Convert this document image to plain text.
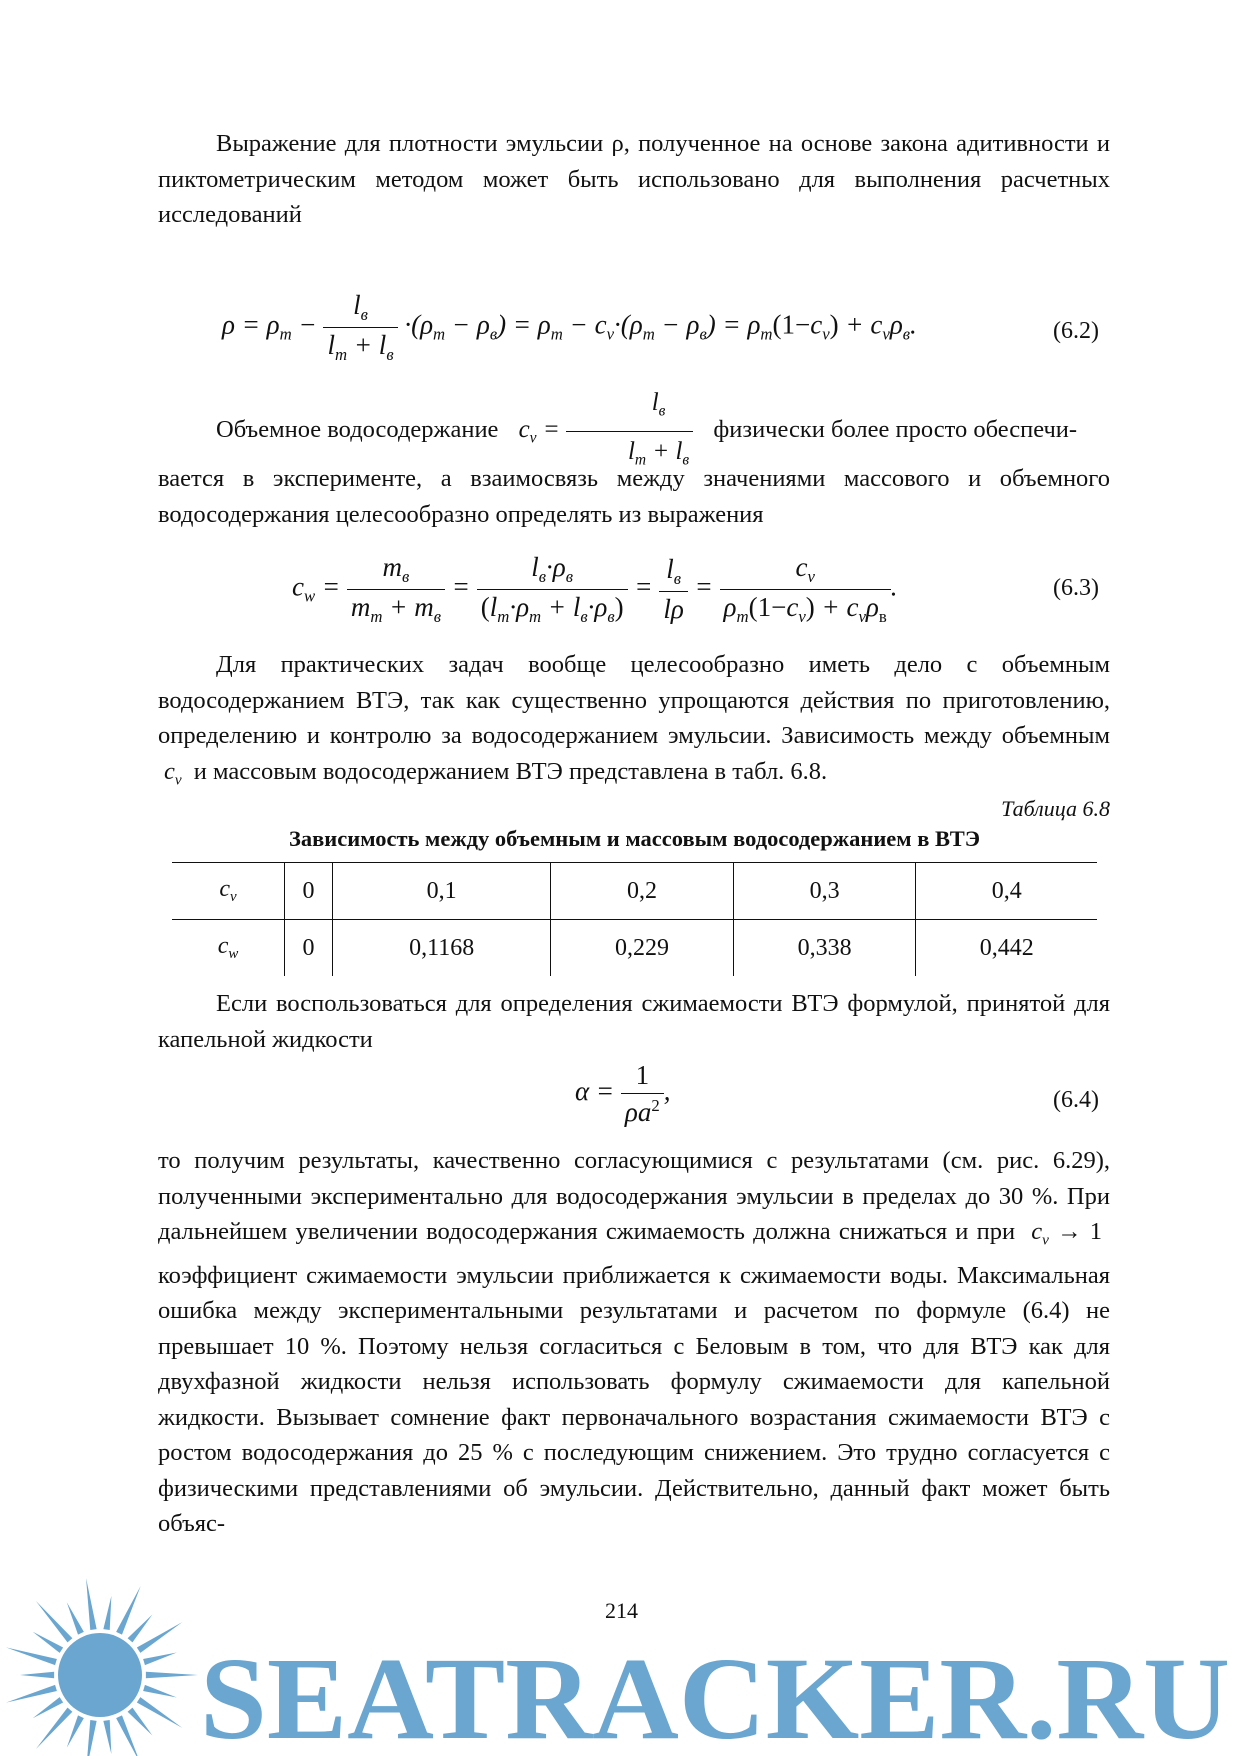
Выражение для плотности эмульсии ρ, полученное на основе закона адитивности и пиктометрическим методом может быть использовано для выполнения расчетных исследований

$\rho = \rho_m - \frac{l_в}{l_m + l_в} \cdot(\rho_m - \rho_в) = \rho_m - c_v\cdot(\rho_m - \rho_в) = \rho_m(1-c_v) + c_v\rho_в$.	(6.2)
Объемное водосодержание $c_v = \frac{l_в}{l_m + l_в}$ физически более просто обеспечи-

вается в эксперименте, а взаимосвязь между значениями массового и объемного водосодержания целесообразно определять из выражения

$c_w = \frac{m_в}{m_m + m_в} = \frac{l_в\cdot\rho_в}{(l_m\cdot\rho_m + l_в\cdot\rho_в)} = \frac{l_в}{l\rho} = \frac{c_v}{\rho_m(1-c_v) + c_v\rho_в}$ .	(6.3)
Для практических задач вообще целесообразно иметь дело с объемным водосодержанием ВТЭ, так как существенно упрощаются действия по приготовлению, определению и контролю за водосодержанием эмульсии. Зависимость между объемным $c_v$ и массовым водосодержанием ВТЭ представлена в табл. 6.8.
Таблица 6.8
Зависимость между объемным и массовым водосодержанием в ВТЭ
$c_v$	0	0,1	0,2	0,3	0,4
$c_w$	0	0,1168	0,229	0,338	0,442

Если воспользоваться для определения сжимаемости ВТЭ формулой, принятой для капельной жидкости

$\alpha = \frac{1}{\rho a^2}$ ,	(6.4)
то получим результаты, качественно согласующимися с результатами (см. рис. 6.29), полученными экспериментально для водосодержания эмульсии в пределах до 30 %. При дальнейшем увеличении водосодержания сжимаемость должна снижаться и при $c_v \to 1$ коэффициент сжимаемости эмульсии приближается к сжимаемости воды. Максимальная ошибка между экспериментальными результатами и расчетом по формуле (6.4) не превышает 10 %. Поэтому нельзя согласиться с Беловым в том, что для ВТЭ как для двухфазной жидкости нельзя использовать формулу сжимаемости для капельной жидкости. Вызывает сомнение факт первоначального возрастания сжимаемости ВТЭ с ростом водосодержания до 25 % с последующим снижением. Это трудно согласуется с физическими представлениями об эмульсии. Действительно, данный факт может быть объяс-
214
SEATRACKER.RU
